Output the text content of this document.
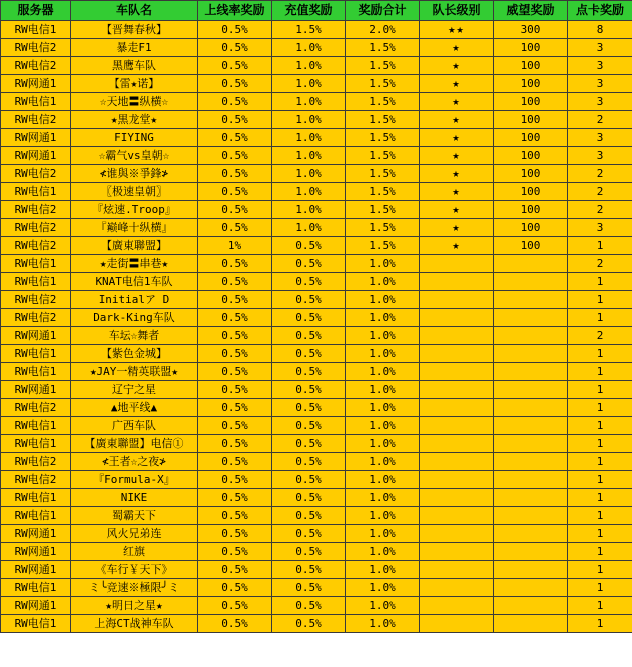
服务器	车队名	上线率奖励	充值奖励	奖励合计	队长级别	威望奖励	点卡奖励
RW电信1	【晋舞春秋】	0.5%	1.5%	2.0%	★★	300	8
RW电信2	暴走F1	0.5%	1.0%	1.5%	★	100	3
RW电信2	黑鹰车队	0.5%	1.0%	1.5%	★	100	3
RW网通1	【雷★诺】	0.5%	1.0%	1.5%	★	100	3
RW电信1	☆天地〓纵横☆	0.5%	1.0%	1.5%	★	100	3
RW电信2	★黒龙堂★	0.5%	1.0%	1.5%	★	100	2
RW网通1	FIYING	0.5%	1.0%	1.5%	★	100	3
RW网通1	☆霸气vs皇朝☆	0.5%	1.0%	1.5%	★	100	3
RW电信2	≮谁與※爭鋒≯	0.5%	1.0%	1.5%	★	100	2
RW电信1	〖极速皇朝〗	0.5%	1.0%	1.5%	★	100	2
RW电信2	『炫速.Troop』	0.5%	1.0%	1.5%	★	100	2
RW电信2	『巅峰十纵横』	0.5%	1.0%	1.5%	★	100	3
RW电信2	【廣東聯盟】	1%	0.5%	1.5%	★	100	1
RW电信1	★走街〓串巷★	0.5%	0.5%	1.0%			2
RW电信1	KNAT电信1车队	0.5%	0.5%	1.0%			1
RW电信2	Initialア D	0.5%	0.5%	1.0%			1
RW电信2	Dark-King车队	0.5%	0.5%	1.0%			1
RW网通1	车坛☆舞者	0.5%	0.5%	1.0%			2
RW电信1	【紫色金城】	0.5%	0.5%	1.0%			1
RW电信1	★JAY一精英联盟★	0.5%	0.5%	1.0%			1
RW网通1	辽宁之星	0.5%	0.5%	1.0%			1
RW电信2	▲地平线▲	0.5%	0.5%	1.0%			1
RW电信1	广西车队	0.5%	0.5%	1.0%			1
RW电信1	【廣東聯盟】电信①	0.5%	0.5%	1.0%			1
RW电信2	≮王者☆之夜≯	0.5%	0.5%	1.0%			1
RW电信2	『Formula-X』	0.5%	0.5%	1.0%			1
RW电信1	NIKE	0.5%	0.5%	1.0%			1
RW电信1	蜀霸天下	0.5%	0.5%	1.0%			1
RW网通1	风火兄弟连	0.5%	0.5%	1.0%			1
RW网通1	红旗	0.5%	0.5%	1.0%			1
RW网通1	《车行￥天下》	0.5%	0.5%	1.0%			1
RW电信1	ミ╰竞速※極限╯ミ	0.5%	0.5%	1.0%			1
RW网通1	★明日之星★	0.5%	0.5%	1.0%			1
RW电信1	上海CT战神车队	0.5%	0.5%	1.0%			1
